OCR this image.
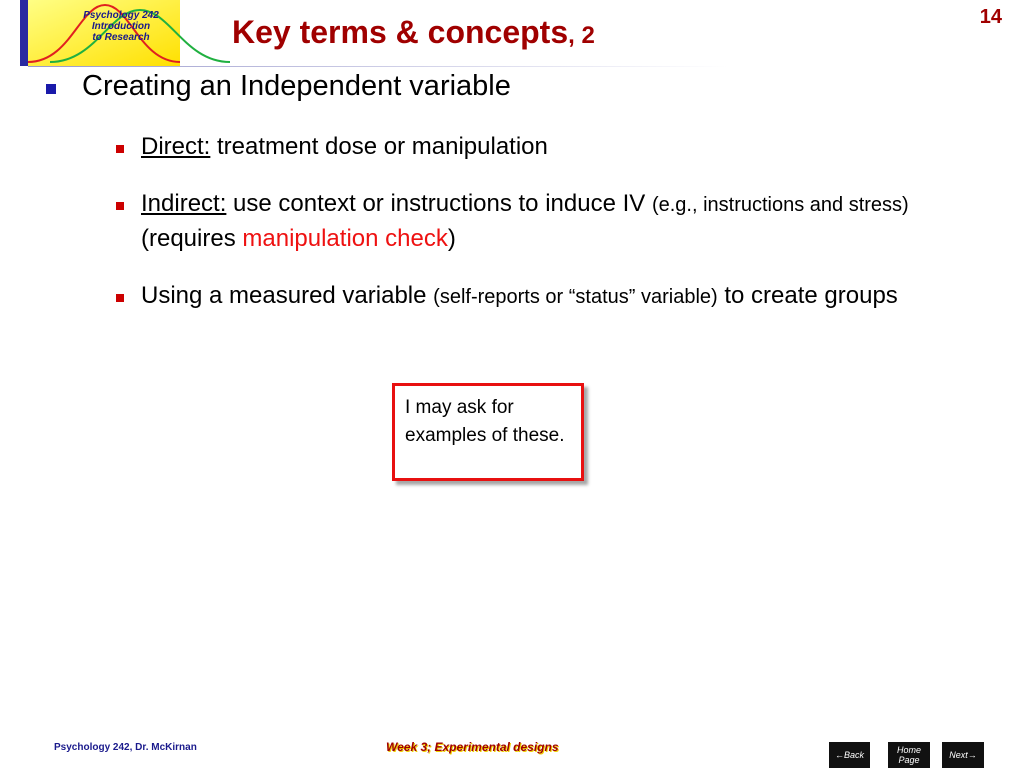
Psychology 242
Introduction
to Research	Key terms & concepts, 2
14
Creating an Independent variable
Direct: treatment dose or manipulation
Indirect: use context or instructions to induce IV (e.g., instructions and stress) (requires manipulation check)
Using a measured variable (self-reports or “status” variable) to create groups
I may ask for examples of these.
Psychology 242, Dr. McKirnan	Week 3; Experimental designs
←Back	Home
Page	Next→
